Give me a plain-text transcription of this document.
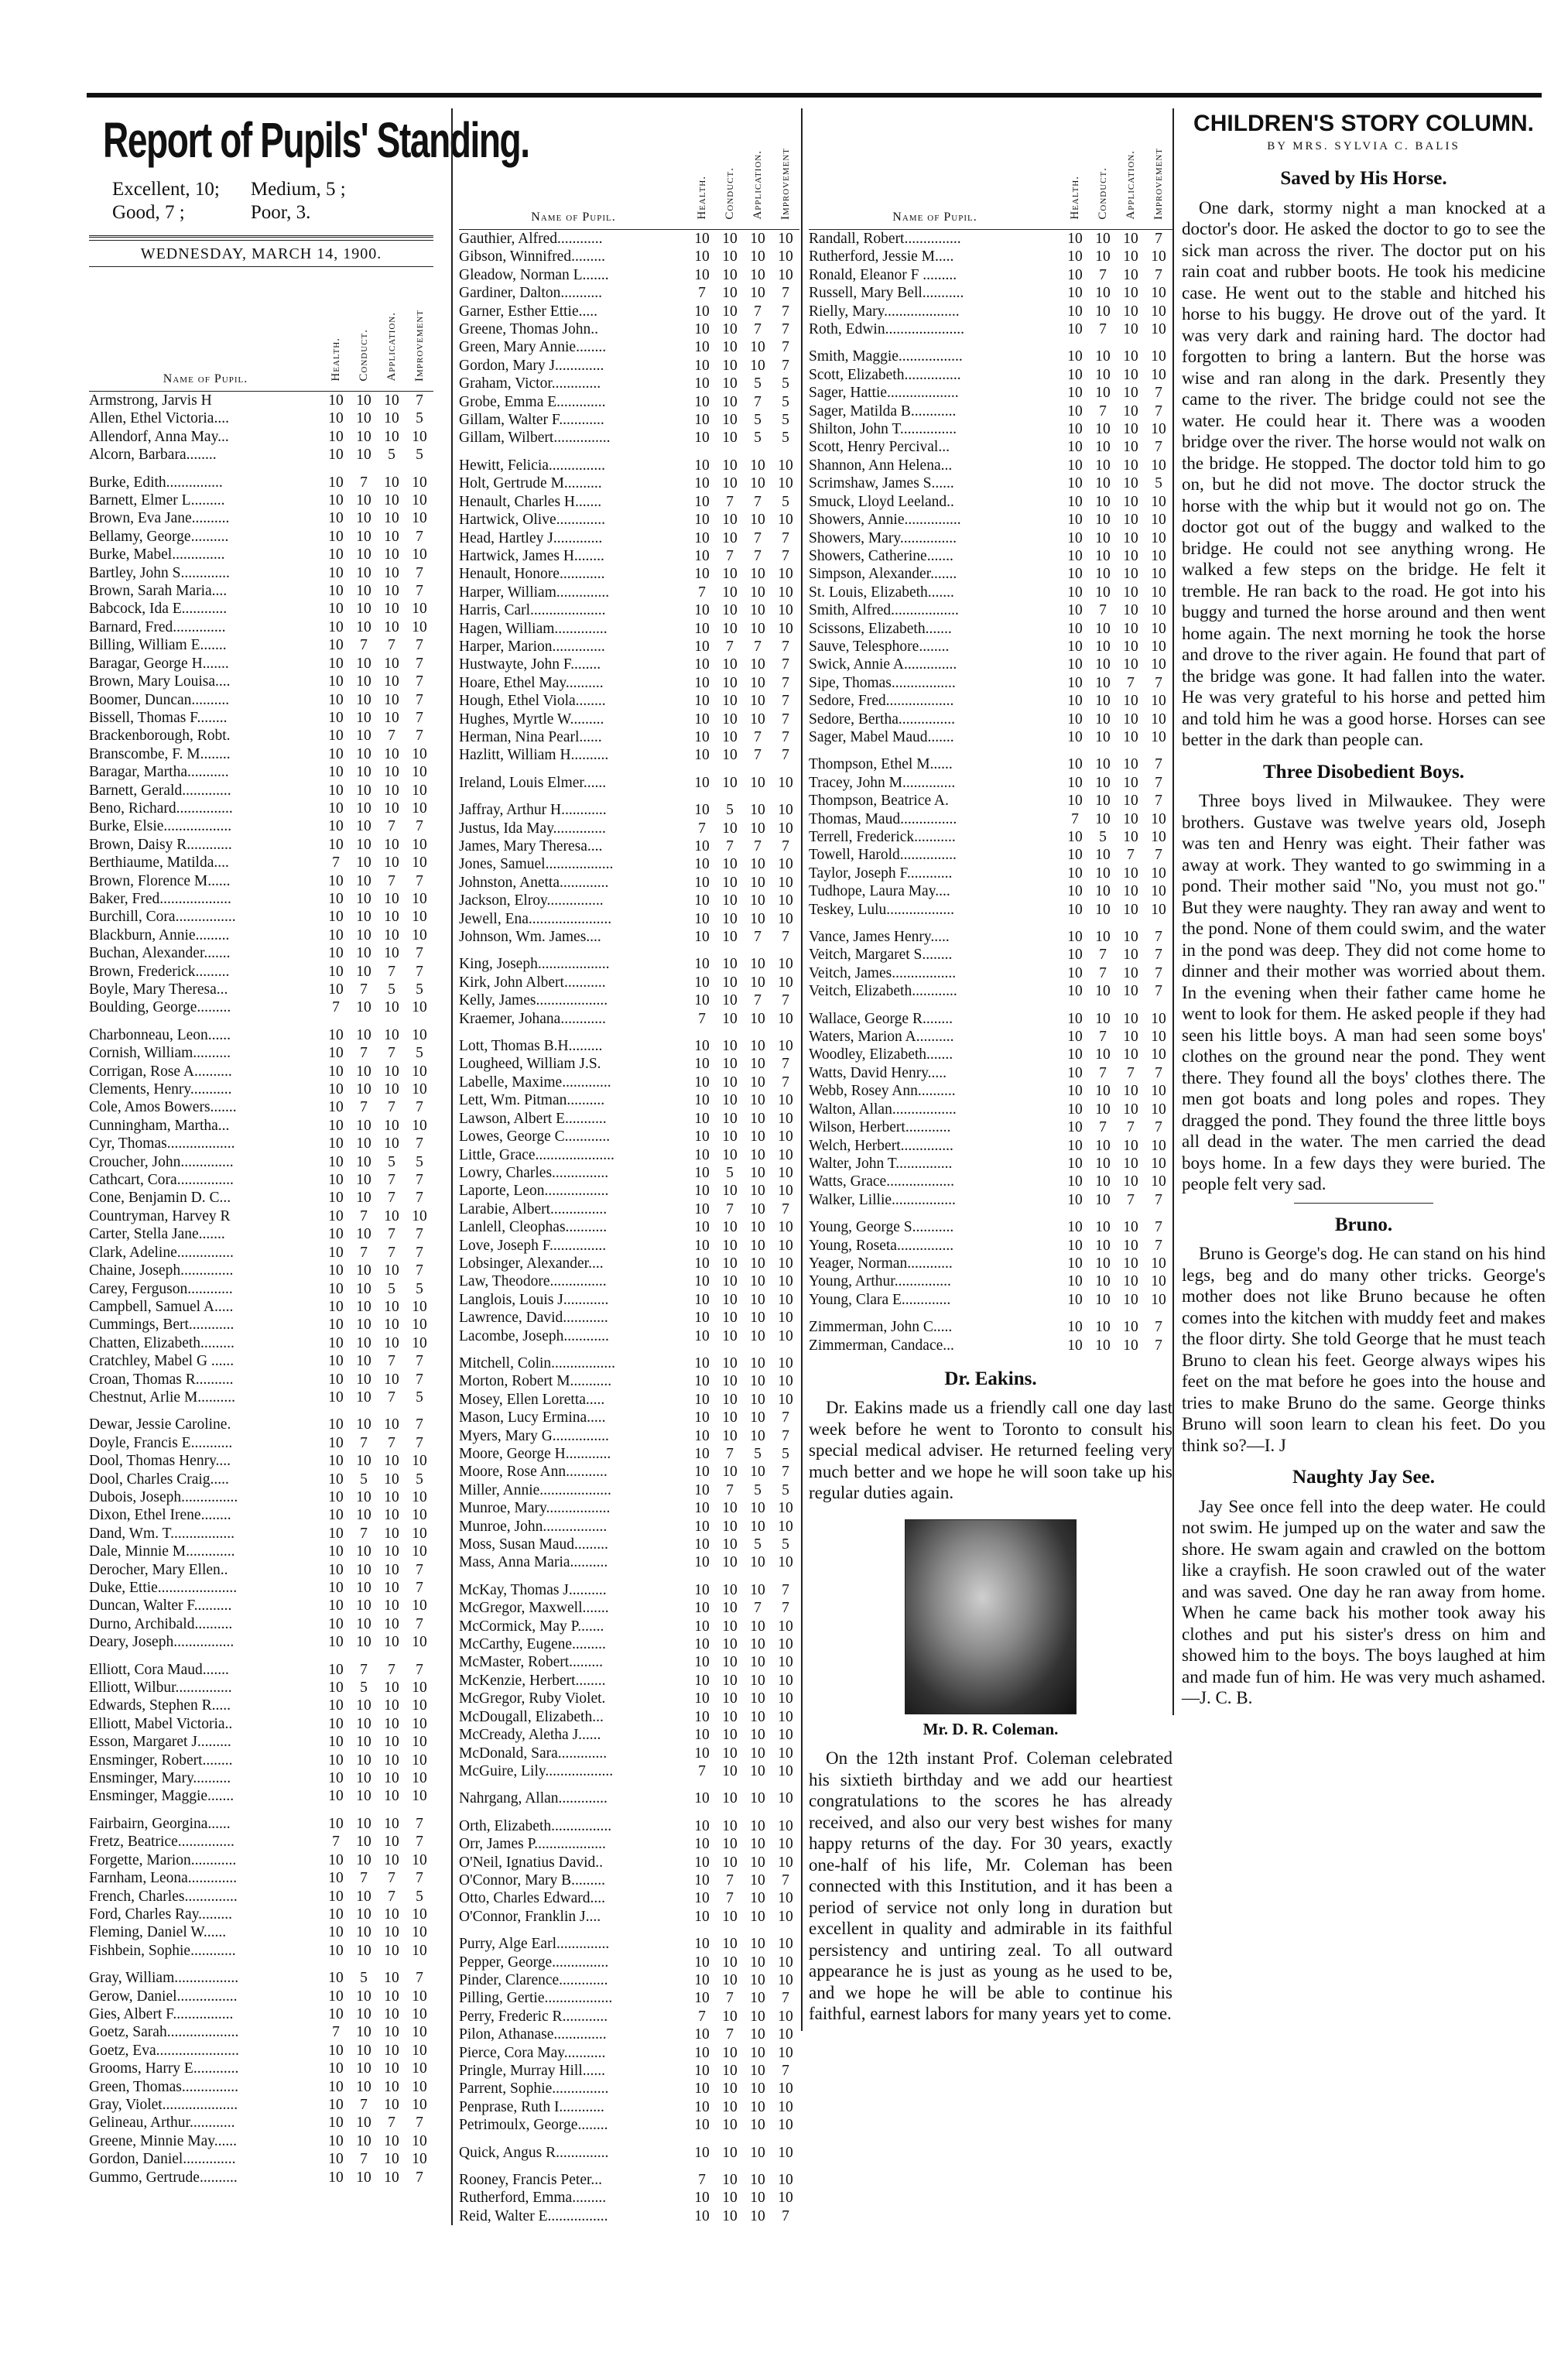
Report of Pupils' Standing.
Excellent, 10;
Good, 7 ;
Medium, 5 ;
Poor, 3.
WEDNESDAY, MARCH 14, 1900.
Name of Pupil.	Health.	Conduct.	Application.	Improvement
Armstrong, Jarvis H	10	10	10	7
Allen, Ethel Victoria....	10	10	10	5
Allendorf, Anna May...	10	10	10	10
Alcorn, Barbara........	10	10	5	5

Burke, Edith...............	10	7	10	10
Barnett, Elmer L.........	10	10	10	10
Brown, Eva Jane..........	10	10	10	10
Bellamy, George..........	10	10	10	7
Burke, Mabel..............	10	10	10	10
Bartley, John S.............	10	10	10	7
Brown, Sarah Maria....	10	10	10	7
Babcock, Ida E............	10	10	10	10
Barnard, Fred..............	10	10	10	10
Billing, William E.......	10	7	7	7
Baragar, George H.......	10	10	10	7
Brown, Mary Louisa....	10	10	10	7
Boomer, Duncan..........	10	10	10	7
Bissell, Thomas F........	10	10	10	7
Brackenborough, Robt.	10	10	7	7
Branscombe, F. M........	10	10	10	10
Baragar, Martha...........	10	10	10	10
Barnett, Gerald.............	10	10	10	10
Beno, Richard...............	10	10	10	10
Burke, Elsie..................	10	10	7	7
Brown, Daisy R............	10	10	10	10
Berthiaume, Matilda....	7	10	10	10
Brown, Florence M......	10	10	7	7
Baker, Fred...................	10	10	10	10
Burchill, Cora................	10	10	10	10
Blackburn, Annie.........	10	10	10	10
Buchan, Alexander.......	10	10	10	7
Brown, Frederick.........	10	10	7	7
Boyle, Mary Theresa...	10	7	5	5
Boulding, George.........	7	10	10	10

Charbonneau, Leon......	10	10	10	10
Cornish, William..........	10	7	7	5
Corrigan, Rose A..........	10	10	10	10
Clements, Henry...........	10	10	10	10
Cole, Amos Bowers.......	10	7	7	7
Cunningham, Martha...	10	10	10	10
Cyr, Thomas..................	10	10	10	7
Croucher, John..............	10	10	5	5
Cathcart, Cora...............	10	10	7	7
Cone, Benjamin D. C...	10	10	7	7
Countryman, Harvey R	10	7	10	10
Carter, Stella Jane.......	10	10	7	7
Clark, Adeline...............	10	7	7	7
Chaine, Joseph..............	10	10	10	7
Carey, Ferguson............	10	10	5	5
Campbell, Samuel A.....	10	10	10	10
Cummings, Bert............	10	10	10	10
Chatten, Elizabeth.........	10	10	10	10
Cratchley, Mabel G ......	10	10	7	7
Croan, Thomas R..........	10	10	10	7
Chestnut, Arlie M..........	10	10	7	5

Dewar, Jessie Caroline.	10	10	10	7
Doyle, Francis E...........	10	7	7	7
Dool, Thomas Henry....	10	10	10	10
Dool, Charles Craig.....	10	5	10	5
Dubois, Joseph...............	10	10	10	10
Dixon, Ethel Irene........	10	10	10	10
Dand, Wm. T.................	10	7	10	10
Dale, Minnie M.............	10	10	10	10
Derocher, Mary Ellen..	10	10	10	7
Duke, Ettie.....................	10	10	10	7
Duncan, Walter F..........	10	10	10	10
Durno, Archibald..........	10	10	10	7
Deary, Joseph................	10	10	10	10

Elliott, Cora Maud.......	10	7	7	7
Elliott, Wilbur...............	10	5	10	10
Edwards, Stephen R.....	10	10	10	10
Elliott, Mabel Victoria..	10	10	10	10
Esson, Margaret J.........	10	10	10	10
Ensminger, Robert........	10	10	10	10
Ensminger, Mary..........	10	10	10	10
Ensminger, Maggie.......	10	10	10	10

Fairbairn, Georgina......	10	10	10	7
Fretz, Beatrice...............	7	10	10	7
Forgette, Marion............	10	10	10	10
Farnham, Leona.............	10	7	7	7
French, Charles..............	10	10	7	5
Ford, Charles Ray.........	10	10	10	10
Fleming, Daniel W......	10	10	10	10
Fishbein, Sophie............	10	10	10	10

Gray, William.................	10	5	10	7
Gerow, Daniel................	10	10	10	10
Gies, Albert F................	10	10	10	10
Goetz, Sarah...................	7	10	10	10
Goetz, Eva......................	10	10	10	10
Grooms, Harry E............	10	10	10	10
Green, Thomas...............	10	10	10	10
Gray, Violet....................	10	7	10	10
Gelineau, Arthur............	10	10	7	7
Greene, Minnie May......	10	10	10	10
Gordon, Daniel..............	10	7	10	10
Gummo, Gertrude..........	10	10	10	7
Name of Pupil.	Health.	Conduct.	Application.	Improvement
Gauthier, Alfred............	10	10	10	10
Gibson, Winnifred.........	10	10	10	10
Gleadow, Norman L.......	10	10	10	10
Gardiner, Dalton...........	7	10	10	7
Garner, Esther Ettie.....	10	10	7	7
Greene, Thomas John..	10	10	7	7
Green, Mary Annie........	10	10	10	7
Gordon, Mary J.............	10	10	10	7
Graham, Victor.............	10	10	5	5
Grobe, Emma E.............	10	10	7	5
Gillam, Walter F............	10	10	5	5
Gillam, Wilbert...............	10	10	5	5

Hewitt, Felicia...............	10	10	10	10
Holt, Gertrude M..........	10	10	10	10
Henault, Charles H.......	10	7	7	5
Hartwick, Olive.............	10	10	10	10
Head, Hartley J.............	10	10	7	7
Hartwick, James H........	10	7	7	7
Henault, Honore............	10	10	10	10
Harper, William..............	7	10	10	10
Harris, Carl....................	10	10	10	10
Hagen, William..............	10	10	10	10
Harper, Marion..............	10	7	7	7
Hustwayte, John F........	10	10	10	7
Hoare, Ethel May..........	10	10	10	7
Hough, Ethel Viola........	10	10	10	7
Hughes, Myrtle W.........	10	10	10	7
Herman, Nina Pearl......	10	10	7	7
Hazlitt, William H..........	10	10	7	7

Ireland, Louis Elmer......	10	10	10	10

Jaffray, Arthur H............	10	5	10	10
Justus, Ida May..............	7	10	10	10
James, Mary Theresa....	10	7	7	7
Jones, Samuel..................	10	10	10	10
Johnston, Anetta.............	10	10	10	10
Jackson, Elroy...............	10	10	10	10
Jewell, Ena......................	10	10	10	10
Johnson, Wm. James....	10	10	7	7

King, Joseph...................	10	10	10	10
Kirk, John Albert...........	10	10	10	10
Kelly, James...................	10	10	7	7
Kraemer, Johana............	7	10	10	10

Lott, Thomas B.H.........	10	10	10	10
Lougheed, William J.S.	10	10	10	7
Labelle, Maxime.............	10	10	10	7
Lett, Wm. Pitman..........	10	10	10	10
Lawson, Albert E...........	10	10	10	10
Lowes, George C............	10	10	10	10
Little, Grace.....................	10	10	10	10
Lowry, Charles...............	10	5	10	10
Laporte, Leon.................	10	10	10	10
Larabie, Albert...............	10	7	10	7
Lanlell, Cleophas...........	10	10	10	10
Love, Joseph F...............	10	10	10	10
Lobsinger, Alexander....	10	10	10	10
Law, Theodore...............	10	10	10	10
Langlois, Louis J............	10	10	10	10
Lawrence, David............	10	10	10	10
Lacombe, Joseph............	10	10	10	10

Mitchell, Colin.................	10	10	10	10
Morton, Robert M...........	10	10	10	10
Mosey, Ellen Loretta.....	10	10	10	10
Mason, Lucy Ermina.....	10	10	10	7
Myers, Mary G...............	10	10	10	7
Moore, George H............	10	7	5	5
Moore, Rose Ann...........	10	10	10	7
Miller, Annie...................	10	7	5	5
Munroe, Mary.................	10	10	10	10
Munroe, John.................	10	10	10	10
Moss, Susan Maud.........	10	10	5	5
Mass, Anna Maria..........	10	10	10	10

McKay, Thomas J..........	10	10	10	7
McGregor, Maxwell.......	10	10	7	7
McCormick, May P.......	10	10	10	10
McCarthy, Eugene.........	10	10	10	10
McMaster, Robert.........	10	10	10	10
McKenzie, Herbert........	10	10	10	10
McGregor, Ruby Violet.	10	10	10	10
McDougall, Elizabeth...	10	10	10	10
McCready, Aletha J......	10	10	10	10
McDonald, Sara.............	10	10	10	10
McGuire, Lily..................	7	10	10	10

Nahrgang, Allan.............	10	10	10	10

Orth, Elizabeth................	10	10	10	10
Orr, James P...................	10	10	10	10
O'Neil, Ignatius David..	10	10	10	10
O'Connor, Mary B.........	10	7	10	7
Otto, Charles Edward....	10	7	10	10
O'Connor, Franklin J....	10	10	10	10

Purry, Alge Earl..............	10	10	10	10
Pepper, George...............	10	10	10	10
Pinder, Clarence.............	10	10	10	10
Pilling, Gertie..................	10	7	10	7
Perry, Frederic R............	7	10	10	10
Pilon, Athanase..............	10	7	10	10
Pierce, Cora May...........	10	10	10	10
Pringle, Murray Hill......	10	10	10	7
Parrent, Sophie...............	10	10	10	10
Penprase, Ruth I............	10	10	10	10
Petrimoulx, George........	10	10	10	10

Quick, Angus R..............	10	10	10	10

Rooney, Francis Peter...	7	10	10	10
Rutherford, Emma.........	10	10	10	10
Reid, Walter E................	10	10	10	7
Name of Pupil.	Health.	Conduct.	Application.	Improvement
Randall, Robert...............	10	10	10	7
Rutherford, Jessie M.....	10	10	10	10
Ronald, Eleanor F .........	10	7	10	7
Russell, Mary Bell...........	10	10	10	10
Rielly, Mary....................	10	10	10	10
Roth, Edwin.....................	10	7	10	10

Smith, Maggie.................	10	10	10	10
Scott, Elizabeth...............	10	10	10	10
Sager, Hattie...................	10	10	10	7
Sager, Matilda B............	10	7	10	7
Shilton, John T...............	10	10	10	10
Scott, Henry Percival...	10	10	10	7
Shannon, Ann Helena...	10	10	10	10
Scrimshaw, James S......	10	10	10	5
Smuck, Lloyd Leeland..	10	10	10	10
Showers, Annie...............	10	10	10	10
Showers, Mary...............	10	10	10	10
Showers, Catherine.......	10	10	10	10
Simpson, Alexander.......	10	10	10	10
St. Louis, Elizabeth.......	10	10	10	10
Smith, Alfred..................	10	7	10	10
Scissons, Elizabeth.......	10	10	10	10
Sauve, Telesphore........	10	10	10	10
Swick, Annie A..............	10	10	10	10
Sipe, Thomas.................	10	10	7	7
Sedore, Fred..................	10	10	10	10
Sedore, Bertha...............	10	10	10	10
Sager, Mabel Maud.......	10	10	10	10

Thompson, Ethel M......	10	10	10	7
Tracey, John M..............	10	10	10	7
Thompson, Beatrice A.	10	10	10	7
Thomas, Maud...............	7	10	10	10
Terrell, Frederick...........	10	5	10	10
Towell, Harold...............	10	10	7	7
Taylor, Joseph F............	10	10	10	10
Tudhope, Laura May....	10	10	10	10
Teskey, Lulu..................	10	10	10	10

Vance, James Henry.....	10	10	10	7
Veitch, Margaret S........	10	7	10	7
Veitch, James.................	10	7	10	7
Veitch, Elizabeth............	10	10	10	7

Wallace, George R........	10	10	10	10
Waters, Marion A..........	10	7	10	10
Woodley, Elizabeth.......	10	10	10	10
Watts, David Henry.....	10	7	7	7
Webb, Rosey Ann..........	10	10	10	10
Walton, Allan.................	10	10	10	10
Wilson, Herbert............	10	7	7	7
Welch, Herbert..............	10	10	10	10
Walter, John T...............	10	10	10	10
Watts, Grace..................	10	10	10	10
Walker, Lillie.................	10	10	7	7

Young, George S...........	10	10	10	7
Young, Roseta...............	10	10	10	7
Yeager, Norman............	10	10	10	10
Young, Arthur...............	10	10	10	10
Young, Clara E.............	10	10	10	10

Zimmerman, John C.....	10	10	10	7
Zimmerman, Candace...	10	10	10	7
Dr. Eakins.

Dr. Eakins made us a friendly call one day last week before he went to Toronto to consult his special medical adviser. He returned feeling very much better and we hope he will soon take up his regular duties again.

Mr. D. R. Coleman.

On the 12th instant Prof. Coleman celebrated his sixtieth birthday and we add our heartiest congratulations to the scores he has already received, and also our very best wishes for many happy returns of the day. For 30 years, exactly one-half of his life, Mr. Coleman has been connected with this Institution, and it has been a period of service not only long in duration but excellent in quality and admirable in its faithful persistency and untiring zeal. To all outward appearance he is just as young as he used to be, and we hope he will be able to continue his faithful, earnest labors for many years yet to come.

CHILDREN'S STORY COLUMN.
BY MRS. SYLVIA C. BALIS
Saved by His Horse.

One dark, stormy night a man knocked at a doctor's door. He asked the doctor to go to see the sick man across the river. The doctor put on his rain coat and rubber boots. He took his medicine case. He went out to the stable and hitched his horse to his buggy. He drove out of the yard. It was very dark and raining hard. The doctor had forgotten to bring a lantern. But the horse was wise and ran along in the dark. Presently they came to the river. The bridge could not see the water. He could hear it. There was a wooden bridge over the river. The horse would not walk on the bridge. He stopped. The doctor told him to go on, but he did not move. The doctor struck the horse with the whip but it would not go on. The doctor got out of the buggy and walked to the bridge. He could not see anything wrong. He walked a few steps on the bridge. He felt it tremble. He ran back to the road. He got into his buggy and turned the horse around and then went home again. The next morning he took the horse and drove to the river again. He found that part of the bridge was gone. It had fallen into the water. He was very grateful to his horse and petted him and told him he was a good horse. Horses can see better in the dark than people can.

Three Disobedient Boys.

Three boys lived in Milwaukee. They were brothers. Gustave was twelve years old, Joseph was ten and Henry was eight. Their father was away at work. They wanted to go swimming in a pond. Their mother said "No, you must not go." But they were naughty. They ran away and went to the pond. None of them could swim, and the water in the pond was deep. They did not come home to dinner and their mother was worried about them. In the evening when their father came home he went to look for them. He asked people if they had seen his little boys. A man had seen some boys' clothes on the ground near the pond. They went there. They found all the boys' clothes there. The men got boats and long poles and ropes. They dragged the pond. They found the three little boys all dead in the water. The men carried the dead boys home. In a few days they were buried. The people felt very sad.

Bruno.

Bruno is George's dog. He can stand on his hind legs, beg and do many other tricks. George's mother does not like Bruno because he often comes into the kitchen with muddy feet and makes the floor dirty. She told George that he must teach Bruno to clean his feet. George always wipes his feet on the mat before he goes into the house and tries to make Bruno do the same. George thinks Bruno will soon learn to clean his feet. Do you think so?—I. J

Naughty Jay See.

Jay See once fell into the deep water. He could not swim. He jumped up on the water and saw the shore. He swam again and crawled on the bottom like a crayfish. He soon crawled out of the water and was saved. One day he ran away from home. When he came back his mother took away his clothes and put his sister's dress on him and showed him to the boys. The boys laughed at him and made fun of him. He was very much ashamed.—J. C. B.
